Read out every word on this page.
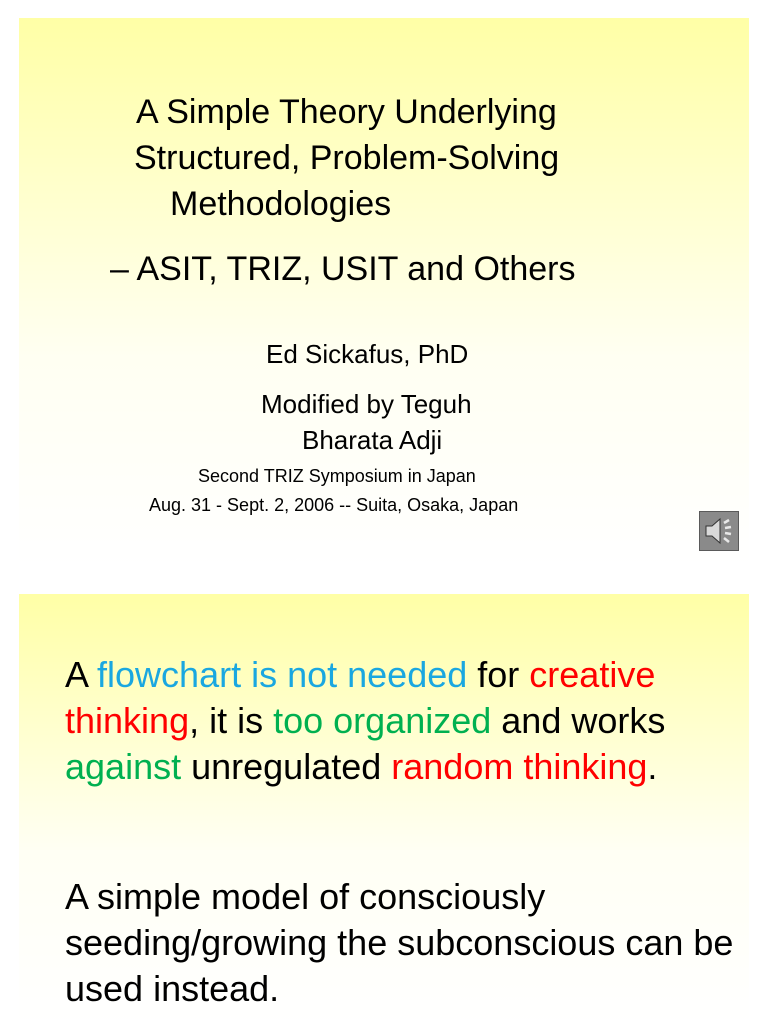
A Simple Theory Underlying
Structured, Problem-Solving
Methodologies
– ASIT, TRIZ, USIT and Others
Ed Sickafus, PhD
Modified by Teguh
Bharata Adji
Second TRIZ Symposium in Japan
Aug. 31 - Sept. 2, 2006 -- Suita, Osaka, Japan
A flowchart is not needed for creative thinking, it is too organized and works against unregulated random thinking.
A simple model of consciously seeding/growing the subconscious can be used instead.
